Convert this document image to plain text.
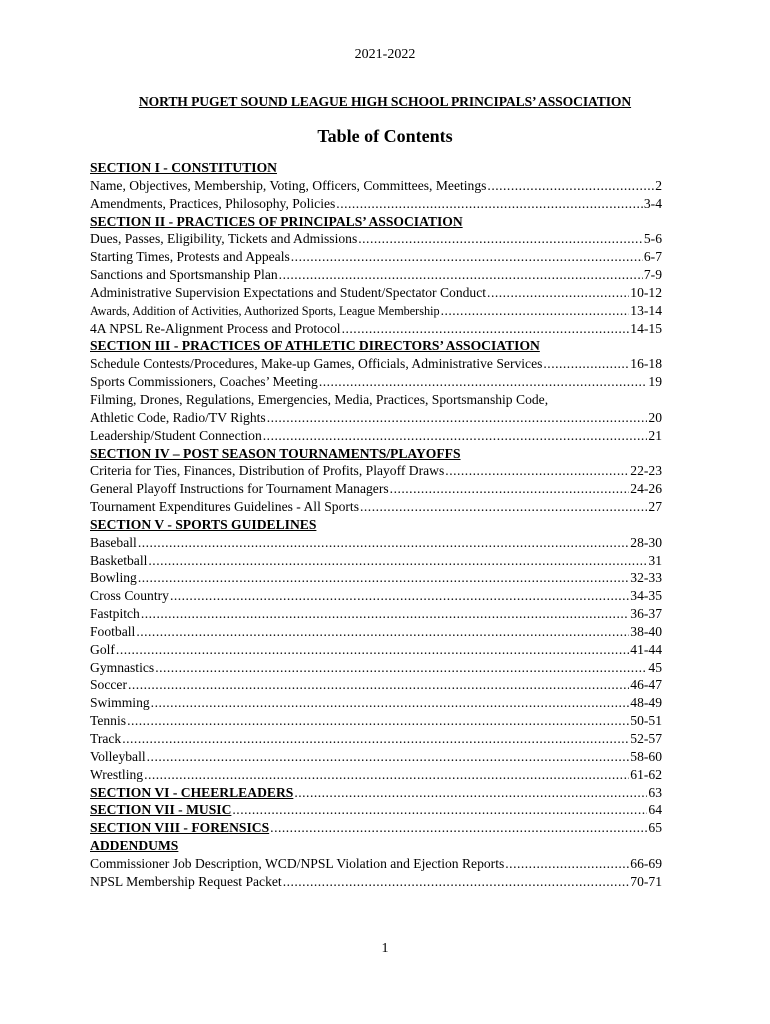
2021-2022
NORTH PUGET SOUND LEAGUE HIGH SCHOOL PRINCIPALS’ ASSOCIATION
Table of Contents
SECTION I - CONSTITUTION
Name, Objectives, Membership, Voting, Officers, Committees, Meetings .....	2
Amendments, Practices, Philosophy, Policies .....	3-4
SECTION II - PRACTICES OF PRINCIPALS’ ASSOCIATION
Dues, Passes, Eligibility, Tickets and Admissions .....	5-6
Starting Times, Protests and Appeals .....	6-7
Sanctions and Sportsmanship Plan .....	7-9
Administrative Supervision Expectations and Student/Spectator Conduct .....	10-12
Awards, Addition of Activities, Authorized Sports, League Membership .....	13-14
4A NPSL Re-Alignment Process and Protocol .....	14-15
SECTION III - PRACTICES OF ATHLETIC DIRECTORS’ ASSOCIATION
Schedule Contests/Procedures, Make-up Games, Officials, Administrative Services .....	16-18
Sports Commissioners, Coaches’ Meeting .....	19
Filming, Drones, Regulations, Emergencies, Media, Practices, Sportsmanship Code,
Athletic Code, Radio/TV Rights .....	20
Leadership/Student Connection .....	21
SECTION IV – POST SEASON TOURNAMENTS/PLAYOFFS
Criteria for Ties, Finances, Distribution of Profits, Playoff Draws .....	22-23
General Playoff Instructions for Tournament Managers .....	24-26
Tournament Expenditures Guidelines - All Sports .....	27
SECTION V - SPORTS GUIDELINES
Baseball .....	28-30
Basketball .....	31
Bowling .....	32-33
Cross Country .....	34-35
Fastpitch .....	36-37
Football .....	38-40
Golf .....	41-44
Gymnastics .....	45
Soccer .....	46-47
Swimming .....	48-49
Tennis .....	50-51
Track .....	52-57
Volleyball .....	58-60
Wrestling .....	61-62
SECTION VI - CHEERLEADERS .....	63
SECTION VII - MUSIC .....	64
SECTION VIII - FORENSICS .....	65
ADDENDUMS
Commissioner Job Description, WCD/NPSL Violation and Ejection Reports .....	66-69
NPSL Membership Request Packet .....	70-71
1
